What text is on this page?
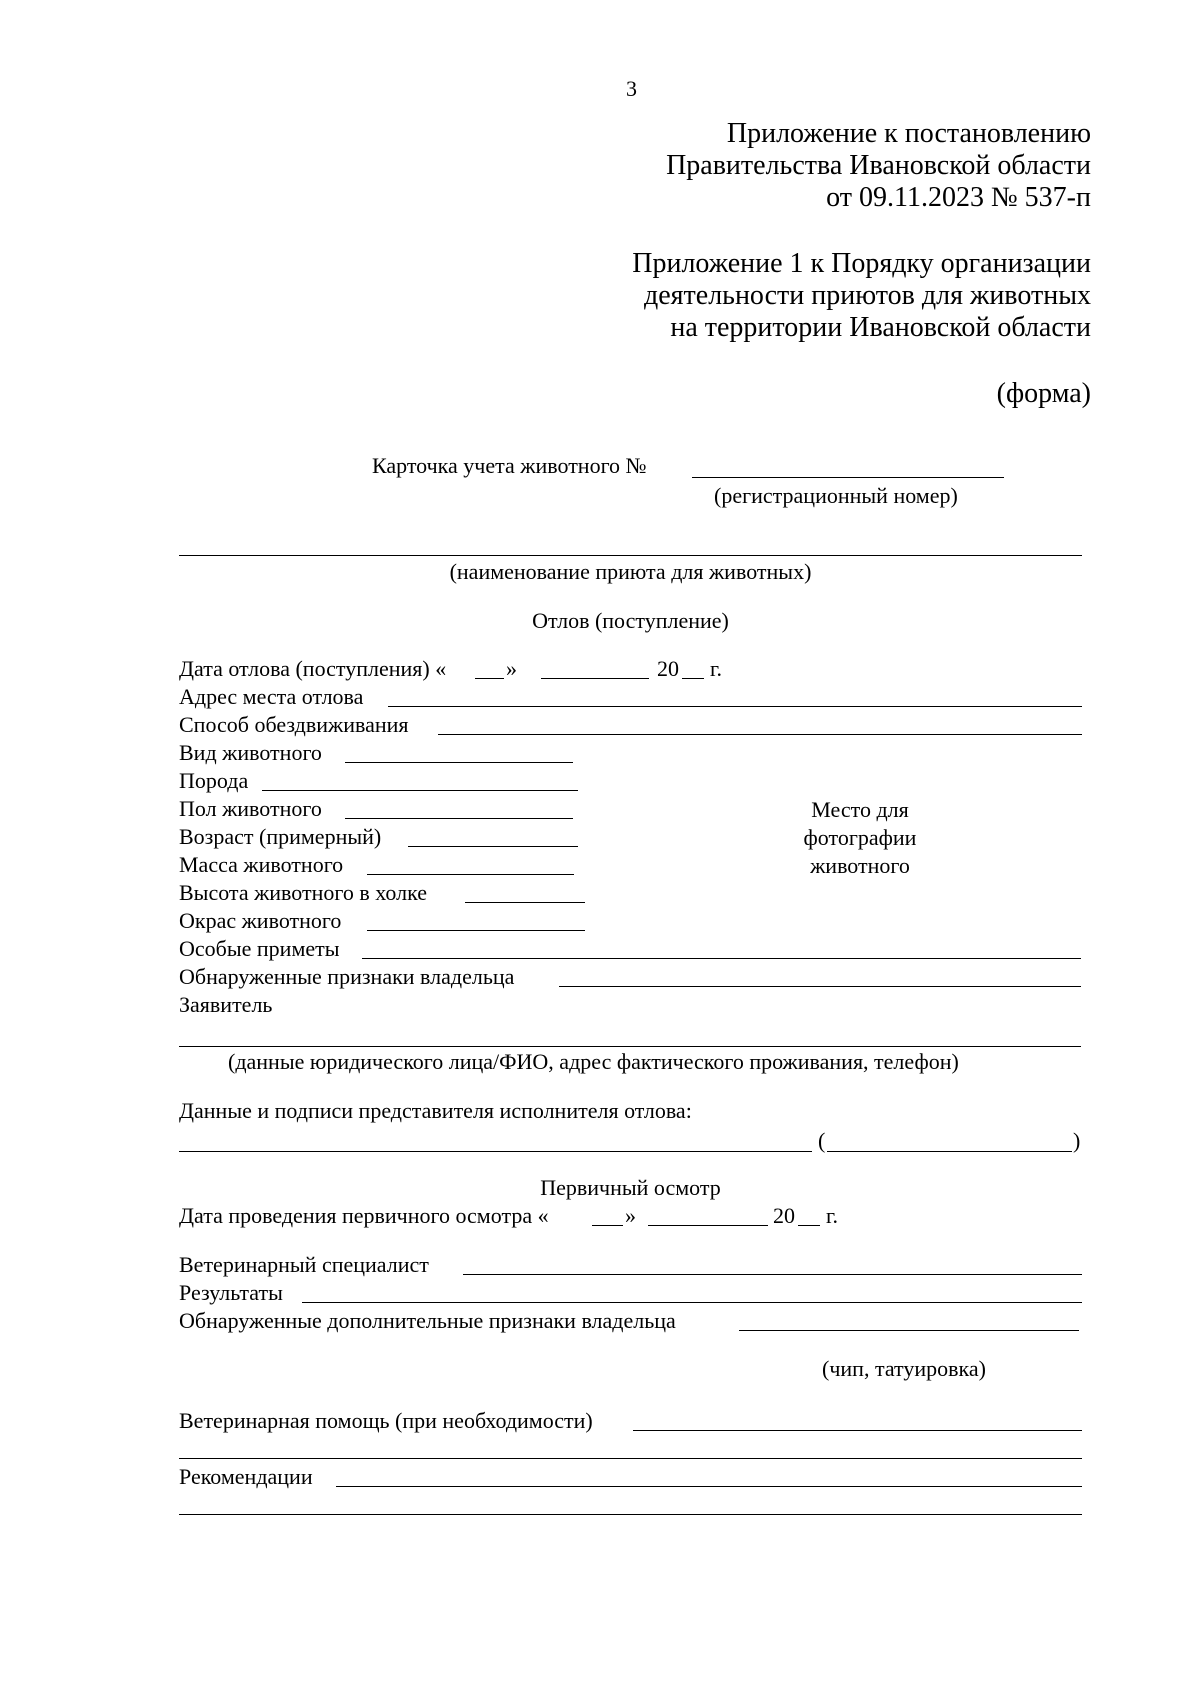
3
Приложение к постановлению
Правительства Ивановской области
от 09.11.2023 № 537-п
Приложение 1 к Порядку организации
деятельности приютов для животных
на территории Ивановской области
(форма)
Карточка учета животного №
(регистрационный номер)
(наименование приюта для животных)
Отлов (поступление)
Дата отлова (поступления) «	»	20 г.
Адрес места отлова
Способ обездвиживания
Вид животного
Порода
Пол животного
Возраст (примерный)
Масса животного
Высота животного в холке
Окрас животного
Место для
фотографии
животного
Особые приметы
Обнаруженные признаки владельца
Заявитель
(данные юридического лица/ФИО, адрес фактического проживания, телефон)
Данные и подписи представителя исполнителя отлова:
(	)
Первичный осмотр
Дата проведения первичного осмотра «	»	20 г.
Ветеринарный специалист
Результаты
Обнаруженные дополнительные признаки владельца
(чип, татуировка)
Ветеринарная помощь (при необходимости)
Рекомендации
